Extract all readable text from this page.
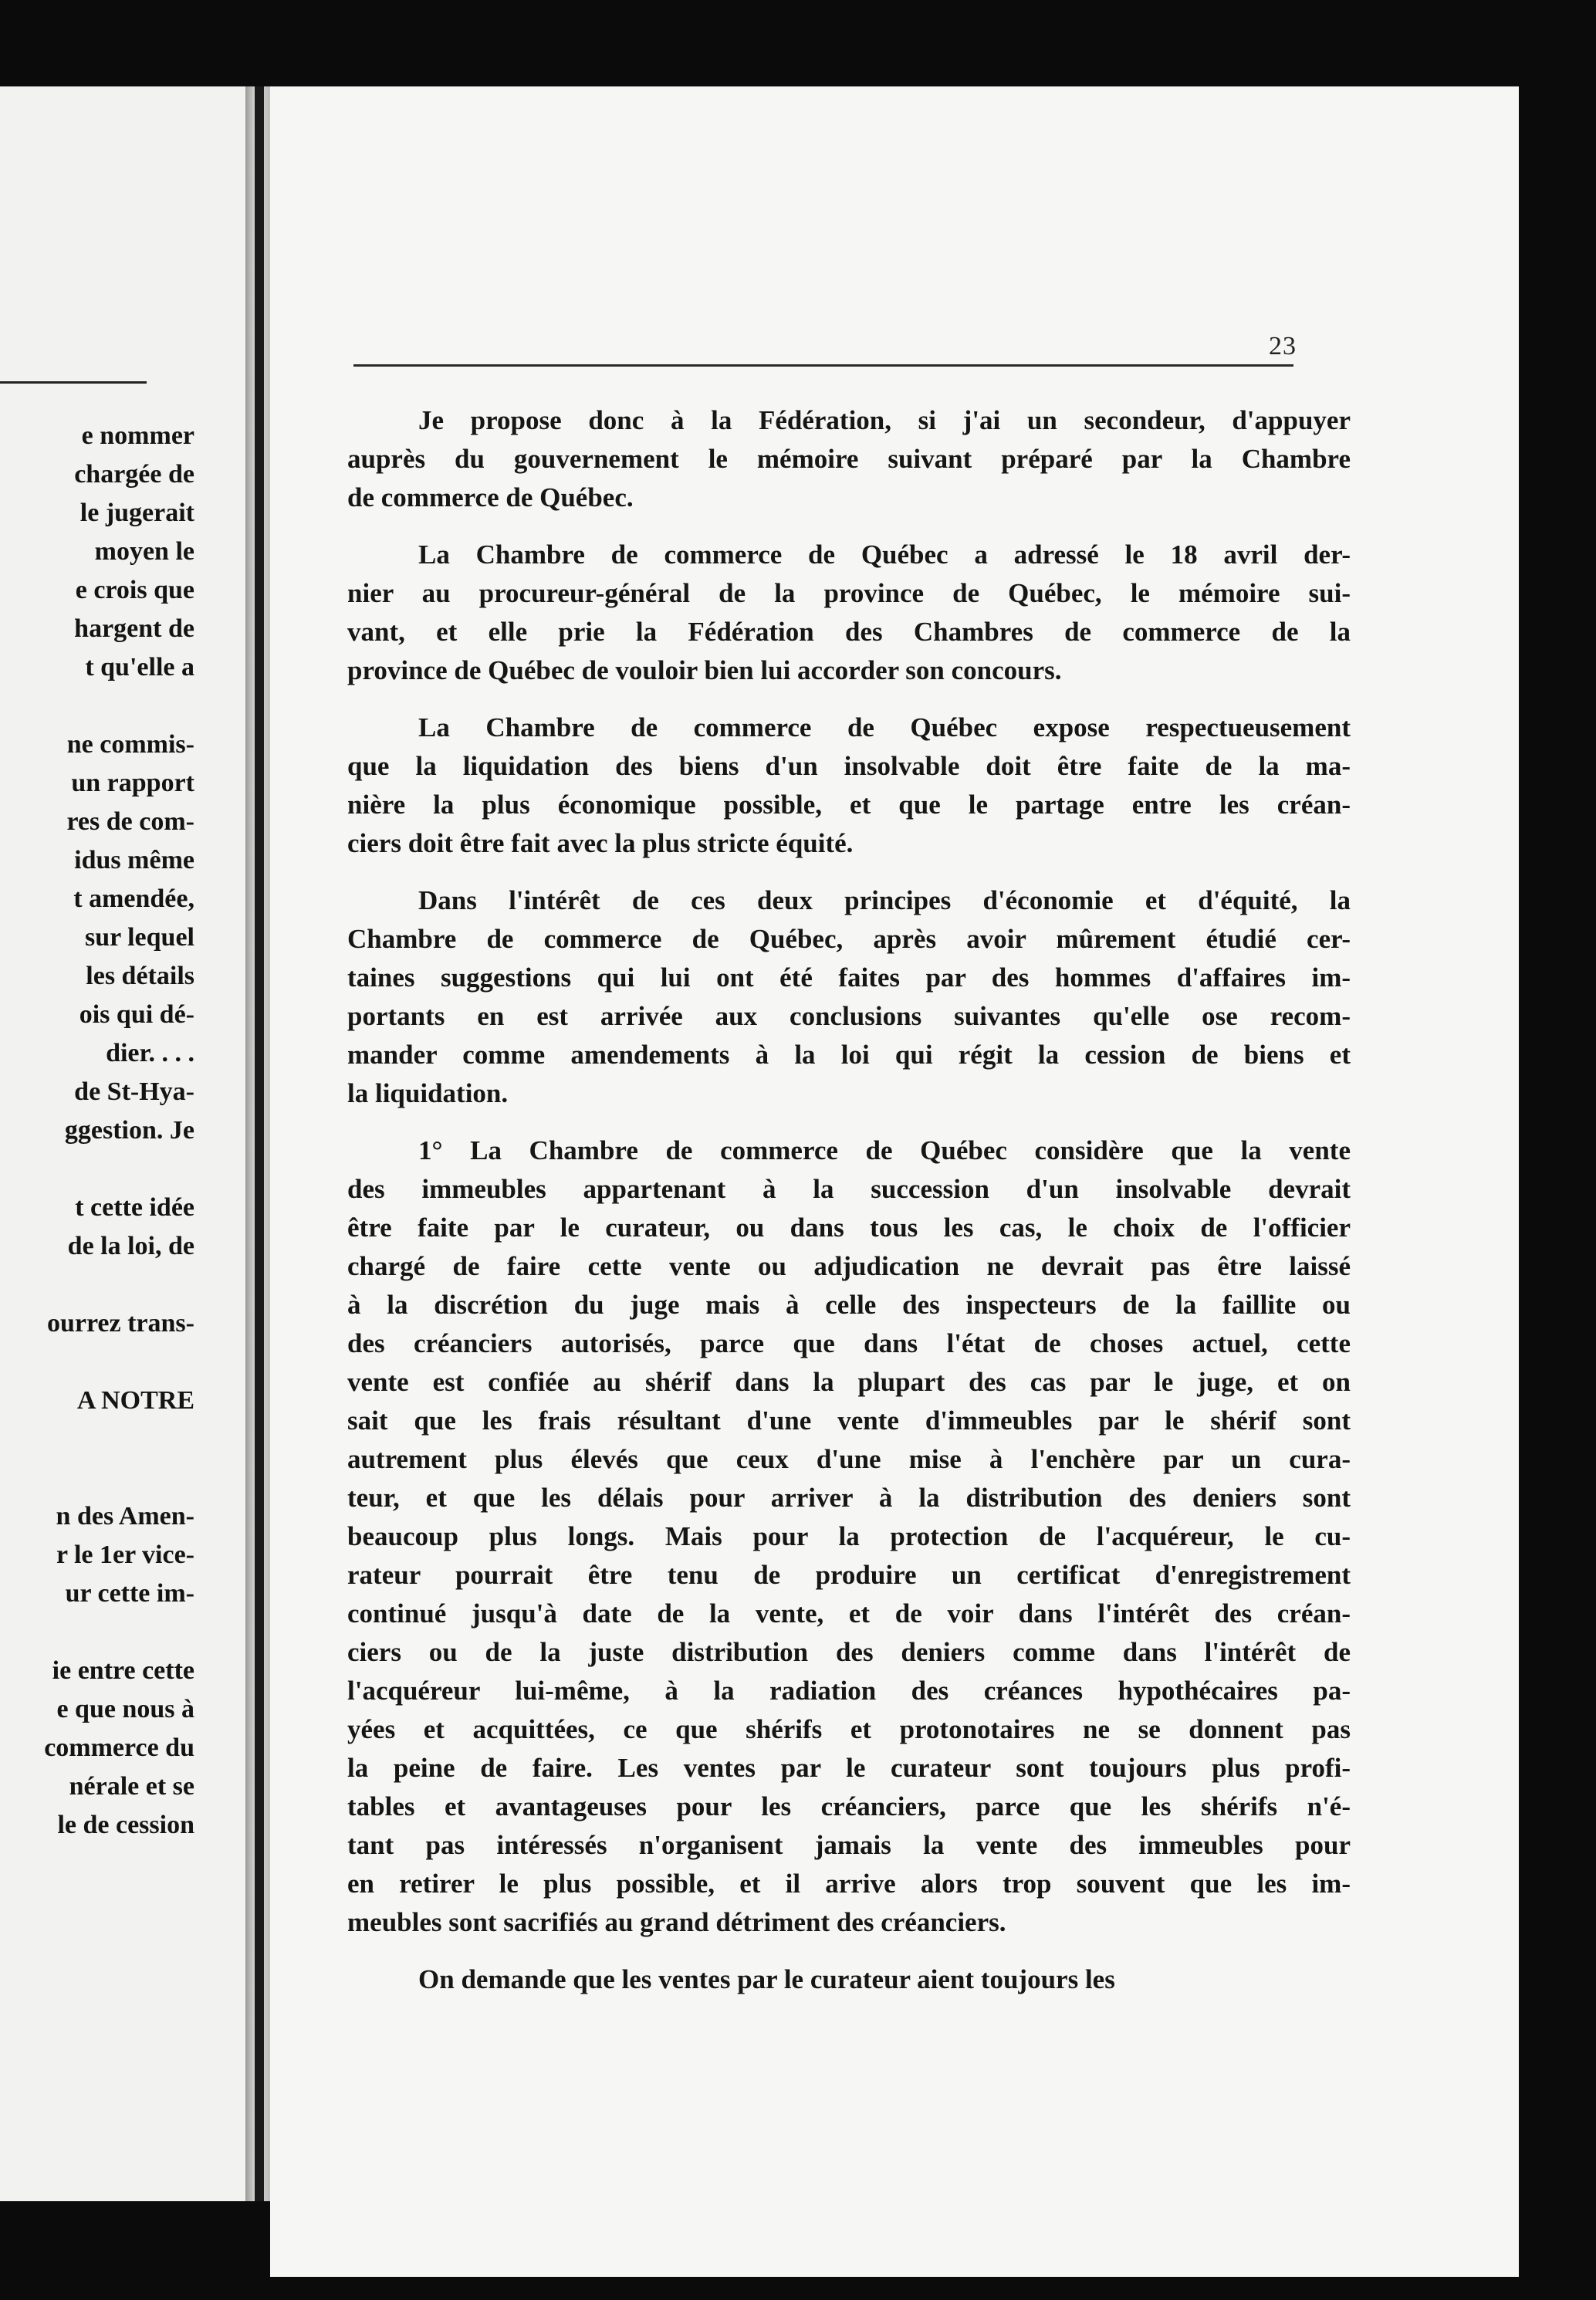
e nommer
chargée de
le jugerait
moyen le
e crois que
hargent de
t qu'elle a
ne commis-
un rapport
res de com-
idus même
t amendée,
sur lequel
les détails
ois qui dé-
dier. . . .
de St-Hya-
ggestion. Je
t cette idée
de la loi, de
ourrez trans-
A NOTRE
n des Amen-
r le 1er vice-
ur cette im-
ie entre cette
e que nous à
commerce du
nérale et se
le de cession
23
Je propose donc à la Fédération, si j'ai un secondeur, d'appuyer
auprès du gouvernement le mémoire suivant préparé par la Chambre
de commerce de Québec.
La Chambre de commerce de Québec a adressé le 18 avril der-
nier au procureur-général de la province de Québec, le mémoire sui-
vant, et elle prie la Fédération des Chambres de commerce de la
province de Québec de vouloir bien lui accorder son concours.
La Chambre de commerce de Québec expose respectueusement
que la liquidation des biens d'un insolvable doit être faite de la ma-
nière la plus économique possible, et que le partage entre les créan-
ciers doit être fait avec la plus stricte équité.
Dans l'intérêt de ces deux principes d'économie et d'équité, la
Chambre de commerce de Québec, après avoir mûrement étudié cer-
taines suggestions qui lui ont été faites par des hommes d'affaires im-
portants en est arrivée aux conclusions suivantes qu'elle ose recom-
mander comme amendements à la loi qui régit la cession de biens et
la liquidation.
1° La Chambre de commerce de Québec considère que la vente
des immeubles appartenant à la succession d'un insolvable devrait
être faite par le curateur, ou dans tous les cas, le choix de l'officier
chargé de faire cette vente ou adjudication ne devrait pas être laissé
à la discrétion du juge mais à celle des inspecteurs de la faillite ou
des créanciers autorisés, parce que dans l'état de choses actuel, cette
vente est confiée au shérif dans la plupart des cas par le juge, et on
sait que les frais résultant d'une vente d'immeubles par le shérif sont
autrement plus élevés que ceux d'une mise à l'enchère par un cura-
teur, et que les délais pour arriver à la distribution des deniers sont
beaucoup plus longs. Mais pour la protection de l'acquéreur, le cu-
rateur pourrait être tenu de produire un certificat d'enregistrement
continué jusqu'à date de la vente, et de voir dans l'intérêt des créan-
ciers ou de la juste distribution des deniers comme dans l'intérêt de
l'acquéreur lui-même, à la radiation des créances hypothécaires pa-
yées et acquittées, ce que shérifs et protonotaires ne se donnent pas
la peine de faire. Les ventes par le curateur sont toujours plus profi-
tables et avantageuses pour les créanciers, parce que les shérifs n'é-
tant pas intéressés n'organisent jamais la vente des immeubles pour
en retirer le plus possible, et il arrive alors trop souvent que les im-
meubles sont sacrifiés au grand détriment des créanciers.
On demande que les ventes par le curateur aient toujours les
